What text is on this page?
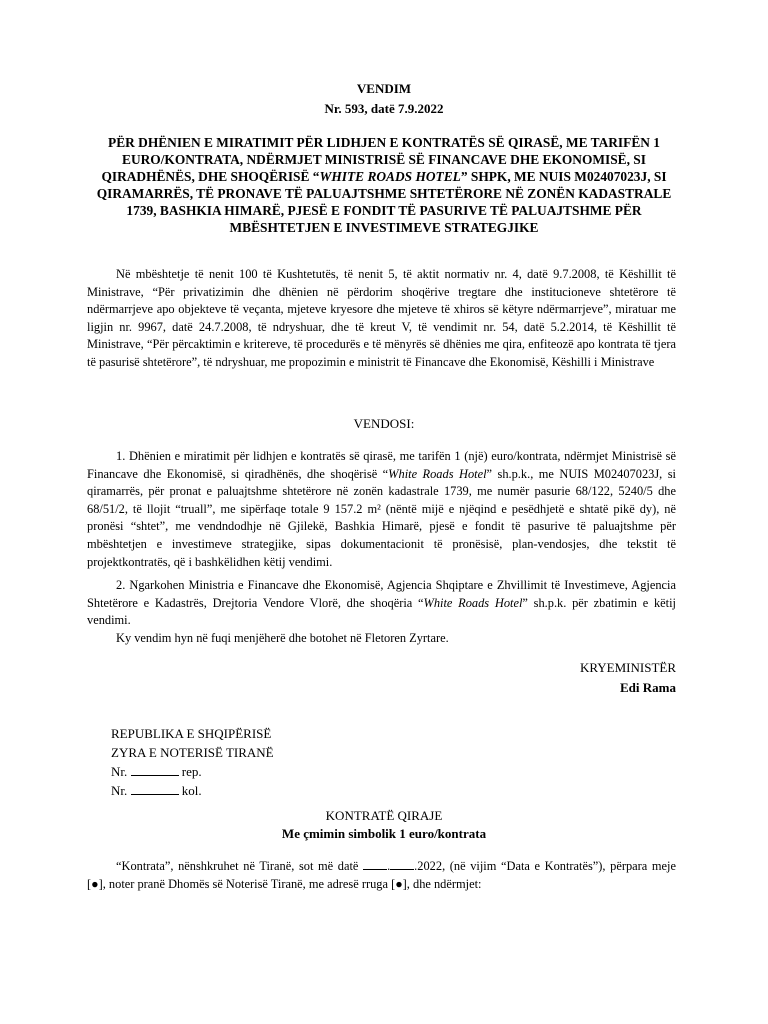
VENDIM
Nr. 593, datë 7.9.2022
PËR DHËNIEN E MIRATIMIT PËR LIDHJEN E KONTRATËS SË QIRASË, ME TARIFËN 1 EURO/KONTRATA, NDËRMJET MINISTRISË SË FINANCAVE DHE EKONOMISË, SI QIRADHËNËS, DHE SHOQËRISË “WHITE ROADS HOTEL” SHPK, ME NUIS M02407023J, SI QIRAMARRËS, TË PRONAVE TË PALUAJTSHME SHTETËRORE NË ZONËN KADASTRALE 1739, BASHKIA HIMARË, PJESË E FONDIT TË PASURIVE TË PALUAJTSHME PËR MBËSHTETJEN E INVESTIMEVE STRATEGJIKE
Në mbështetje të nenit 100 të Kushtetutës, të nenit 5, të aktit normativ nr. 4, datë 9.7.2008, të Këshillit të Ministrave, “Për privatizimin dhe dhënien në përdorim shoqërive tregtare dhe institucioneve shtetërore të ndërmarrjeve apo objekteve të veçanta, mjeteve kryesore dhe mjeteve të xhiros së këtyre ndërmarrjeve”, miratuar me ligjin nr. 9967, datë 24.7.2008, të ndryshuar, dhe të kreut V, të vendimit nr. 54, datë 5.2.2014, të Këshillit të Ministrave, “Për përcaktimin e kritereve, të procedurës e të mënyrës së dhënies me qira, enfiteozë apo kontrata të tjera të pasurisë shtetërore”, të ndryshuar, me propozimin e ministrit të Financave dhe Ekonomisë, Këshilli i Ministrave
VENDOSI:
1. Dhënien e miratimit për lidhjen e kontratës së qirasë, me tarifën 1 (një) euro/kontrata, ndërmjet Ministrisë së Financave dhe Ekonomisë, si qiradhënës, dhe shoqërisë “White Roads Hotel” sh.p.k., me NUIS M02407023J, si qiramarrës, për pronat e paluajtshme shtetërore në zonën kadastrale 1739, me numër pasurie 68/122, 5240/5 dhe 68/51/2, të llojit “truall”, me sipërfaqe totale 9 157.2 m² (nëntë mijë e njëqind e pesëdhjetë e shtatë pikë dy), në pronësi “shtet”, me vendndodhje në Gjilekë, Bashkia Himarë, pjesë e fondit të pasurive të paluajtshme për mbështetjen e investimeve strategjike, sipas dokumentacionit të pronësisë, plan-vendosjes, dhe tekstit të projektkontratës, që i bashkëlidhen këtij vendimi.
2. Ngarkohen Ministria e Financave dhe Ekonomisë, Agjencia Shqiptare e Zhvillimit të Investimeve, Agjencia Shtetërore e Kadastrës, Drejtoria Vendore Vlorë, dhe shoqëria “White Roads Hotel” sh.p.k. për zbatimin e këtij vendimi.
Ky vendim hyn në fuqi menjëherë dhe botohet në Fletoren Zyrtare.
KRYEMINISTËR
Edi Rama
REPUBLIKA E SHQIPËRISË
ZYRA E NOTERISË TIRANË
Nr.	rep.
Nr.	kol.
KONTRATË QIRAJE
Me çmimin simbolik 1 euro/kontrata
“Kontrata”, nënshkruhet në Tiranë, sot më datë . .2022, (në vijim “Data e Kontratës”), përpara meje [●], noter pranë Dhomës së Noterisë Tiranë, me adresë rruga [●], dhe ndërmjet:
